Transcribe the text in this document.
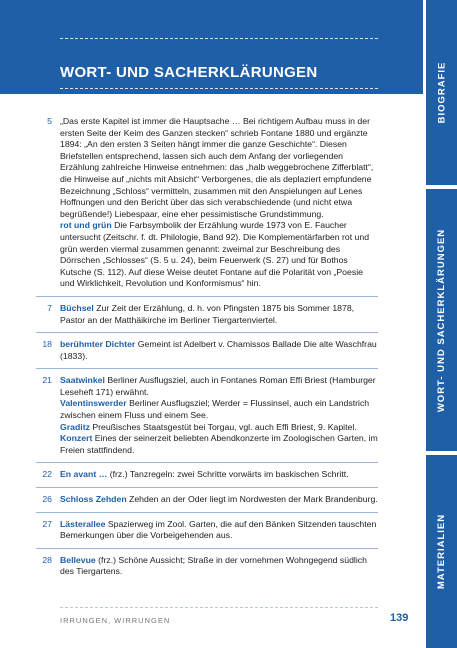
WORT- UND SACHERKLÄRUNGEN	BIOGRAFIE
WORT- UND SACHERKLÄRUNGEN
MATERIALIEN
5 „Das erste Kapitel ist immer die Hauptsache … Bei richtigem Aufbau muss in der ersten Seite der Keim des Ganzen stecken“ schrieb Fontane 1880 und ergänzte 1894: „An den ersten 3 Seiten hängt immer die ganze Geschichte“. Diesen Briefstellen entsprechend, lassen sich auch dem Anfang der vorliegenden Erzählung zahlreiche Hinweise entnehmen: das „halb weggebrochene Zifferblatt“, die Hinweise auf „nichts mit Absicht“ Verborgenes, die als deplaziert empfundene Bezeichnung „Schloss“ vermitteln, zusammen mit den Anspielungen auf Lenes Hoffnungen und den Bericht über das sich verabschiedende (und nicht etwa begrüßende!) Liebespaar, eine eher pessimistische Grundstimmung.

rot und grün Die Farbsymbolik der Erzählung wurde 1973 von E. Faucher untersucht (Zeitschr. f. dt. Philologie, Band 92). Die Komplementärfarben rot und grün werden viermal zusammen genannt: zweimal zur Beschreibung des Dörrschen „Schlosses“ (S. 5 u. 24), beim Feuerwerk (S. 27) und für Bothos Kutsche (S. 112). Auf diese Weise deutet Fontane auf die Polarität von „Poesie und Wirklichkeit, Revolution und Konformismus“ hin.

7 Büchsel Zur Zeit der Erzählung, d. h. von Pfingsten 1875 bis Sommer 1878, Pastor an der Matthäikirche im Berliner Tiergartenviertel.

18 berühmter Dichter Gemeint ist Adelbert v. Chamissos Ballade Die alte Waschfrau (1833).

21 Saatwinkel Berliner Ausflugsziel, auch in Fontanes Roman Effi Briest (Hamburger Leseheft 171) erwähnt.

Valentinswerder Berliner Ausflugsziel; Werder = Flussinsel, auch ein Landstrich zwischen einem Fluss und einem See.

Graditz Preußisches Staatsgestüt bei Torgau, vgl. auch Effi Briest, 9. Kapitel.

Konzert Eines der seinerzeit beliebten Abendkonzerte im Zoologischen Garten, im Freien stattfindend.

22 En avant … (frz.) Tanzregeln: zwei Schritte vorwärts im baskischen Schritt.

26 Schloss Zehden Zehden an der Oder liegt im Nordwesten der Mark Brandenburg.

27 Lästerallee Spazierweg im Zool. Garten, die auf den Bänken Sitzenden tauschten Bemerkungen über die Vorbeigehenden aus.

28 Bellevue (frz.) Schöne Aussicht; Straße in der vornehmen Wohngegend südlich des Tiergartens.

IRRUNGEN, WIRRUNGEN	139
